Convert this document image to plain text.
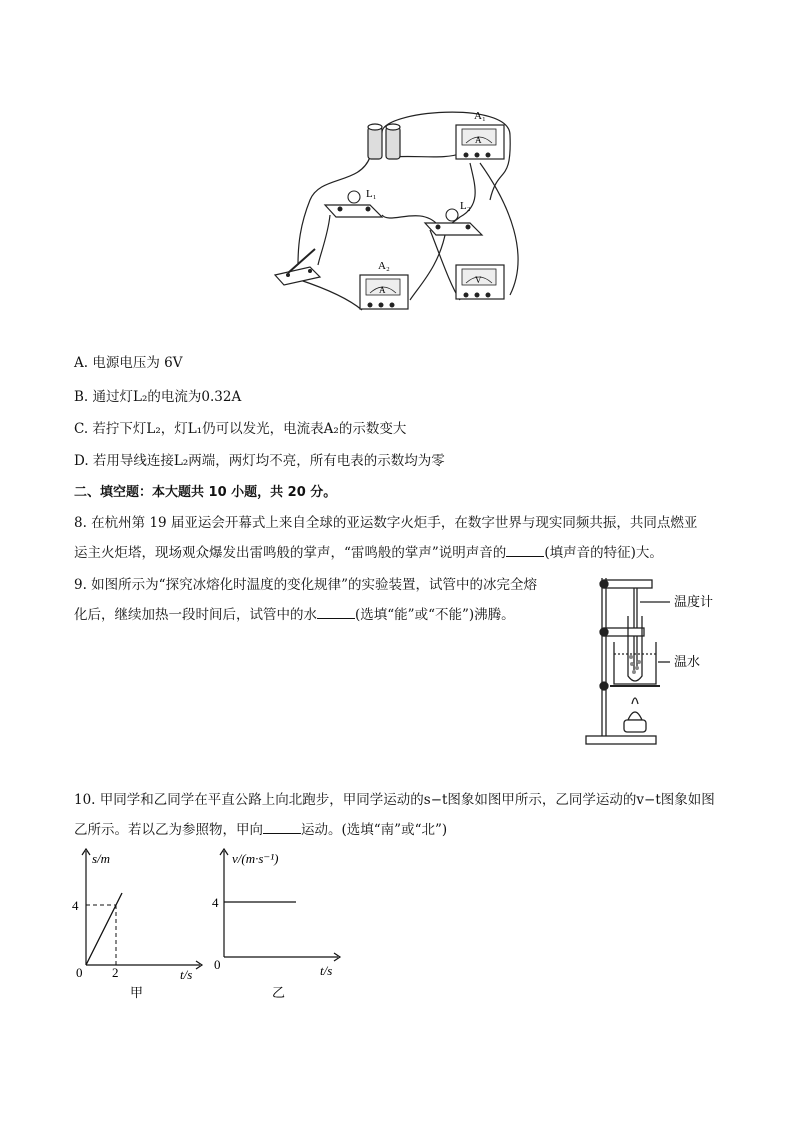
A
A₁
L₁
L₂
A
A₂
V
A. 电源电压为 6V
B. 通过灯L₂的电流为0.32A
C. 若拧下灯L₂，灯L₁仍可以发光，电流表A₂的示数变大
D. 若用导线连接L₂两端，两灯均不亮，所有电表的示数均为零
二、填空题：本大题共 10 小题，共 20 分。
8. 在杭州第 19 届亚运会开幕式上来自全球的亚运数字火炬手，在数字世界与现实同频共振，共同点燃亚
运主火炬塔，现场观众爆发出雷鸣般的掌声，“雷鸣般的掌声”说明声音的	(填声音的特征)大。
9. 如图所示为“探究冰熔化时温度的变化规律”的实验装置，试管中的冰完全熔
化后，继续加热一段时间后，试管中的水	(选填“能”或“不能”)沸腾。
温度计
温水
10. 甲同学和乙同学在平直公路上向北跑步，甲同学运动的s−t图象如图甲所示，乙同学运动的v−t图象如图
乙所示。若以乙为参照物，甲向	运动。(选填“南”或“北”)
s/m
t/s
0 2
4
甲
v/(m·s⁻¹)
t/s
0
4
乙
